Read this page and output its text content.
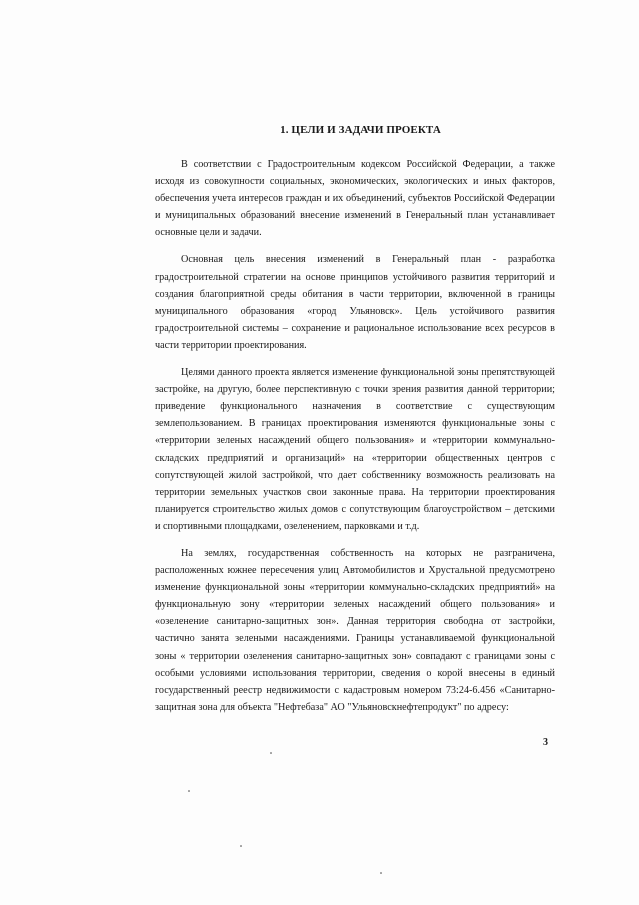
1. ЦЕЛИ И ЗАДАЧИ ПРОЕКТА

В соответствии с Градостроительным кодексом Российской Федерации, а также исходя из совокупности социальных, экономических, экологических и иных факторов, обеспечения учета интересов граждан и их объединений, субъектов Российской Федерации и муниципальных образований внесение изменений в Генеральный план устанавливает основные цели и задачи.

Основная цель внесения изменений в Генеральный план - разработка градостроительной стратегии на основе принципов устойчивого развития территорий и создания благоприятной среды обитания в части территории, включенной в границы муниципального образования «город Ульяновск». Цель устойчивого развития градостроительной системы – сохранение и рациональное использование всех ресурсов в части территории проектирования.

Целями данного проекта является изменение функциональной зоны препятствующей застройке, на другую, более перспективную с точки зрения развития данной территории; приведение функционального назначения в соответствие с существующим землепользованием. В границах проектирования изменяются функциональные зоны с «территории зеленых насаждений общего пользования» и «территории коммунально-складских предприятий и организаций» на «территории общественных центров с сопутствующей жилой застройкой, что дает собственнику возможность реализовать на территории земельных участков свои законные права. На территории проектирования планируется строительство жилых домов с сопутствующим благоустройством – детскими и спортивными площадками, озеленением, парковками и т.д.

На землях, государственная собственность на которых не разграничена, расположенных южнее пересечения улиц Автомобилистов и Хрустальной предусмотрено изменение функциональной зоны «территории коммунально-складских предприятий» на функциональную зону «территории зеленых насаждений общего пользования» и «озеленение санитарно-защитных зон». Данная территория свободна от застройки, частично занята зелеными насаждениями. Границы устанавливаемой функциональной зоны « территории озеленения санитарно-защитных зон» совпадают с границами зоны с особыми условиями использования территории, сведения о корой внесены в единый государственный реестр недвижимости с кадастровым номером 73:24-6.456 «Санитарно-защитная зона для объекта "Нефтебаза" АО "Ульяновскнефтепродукт" по адресу:

3
